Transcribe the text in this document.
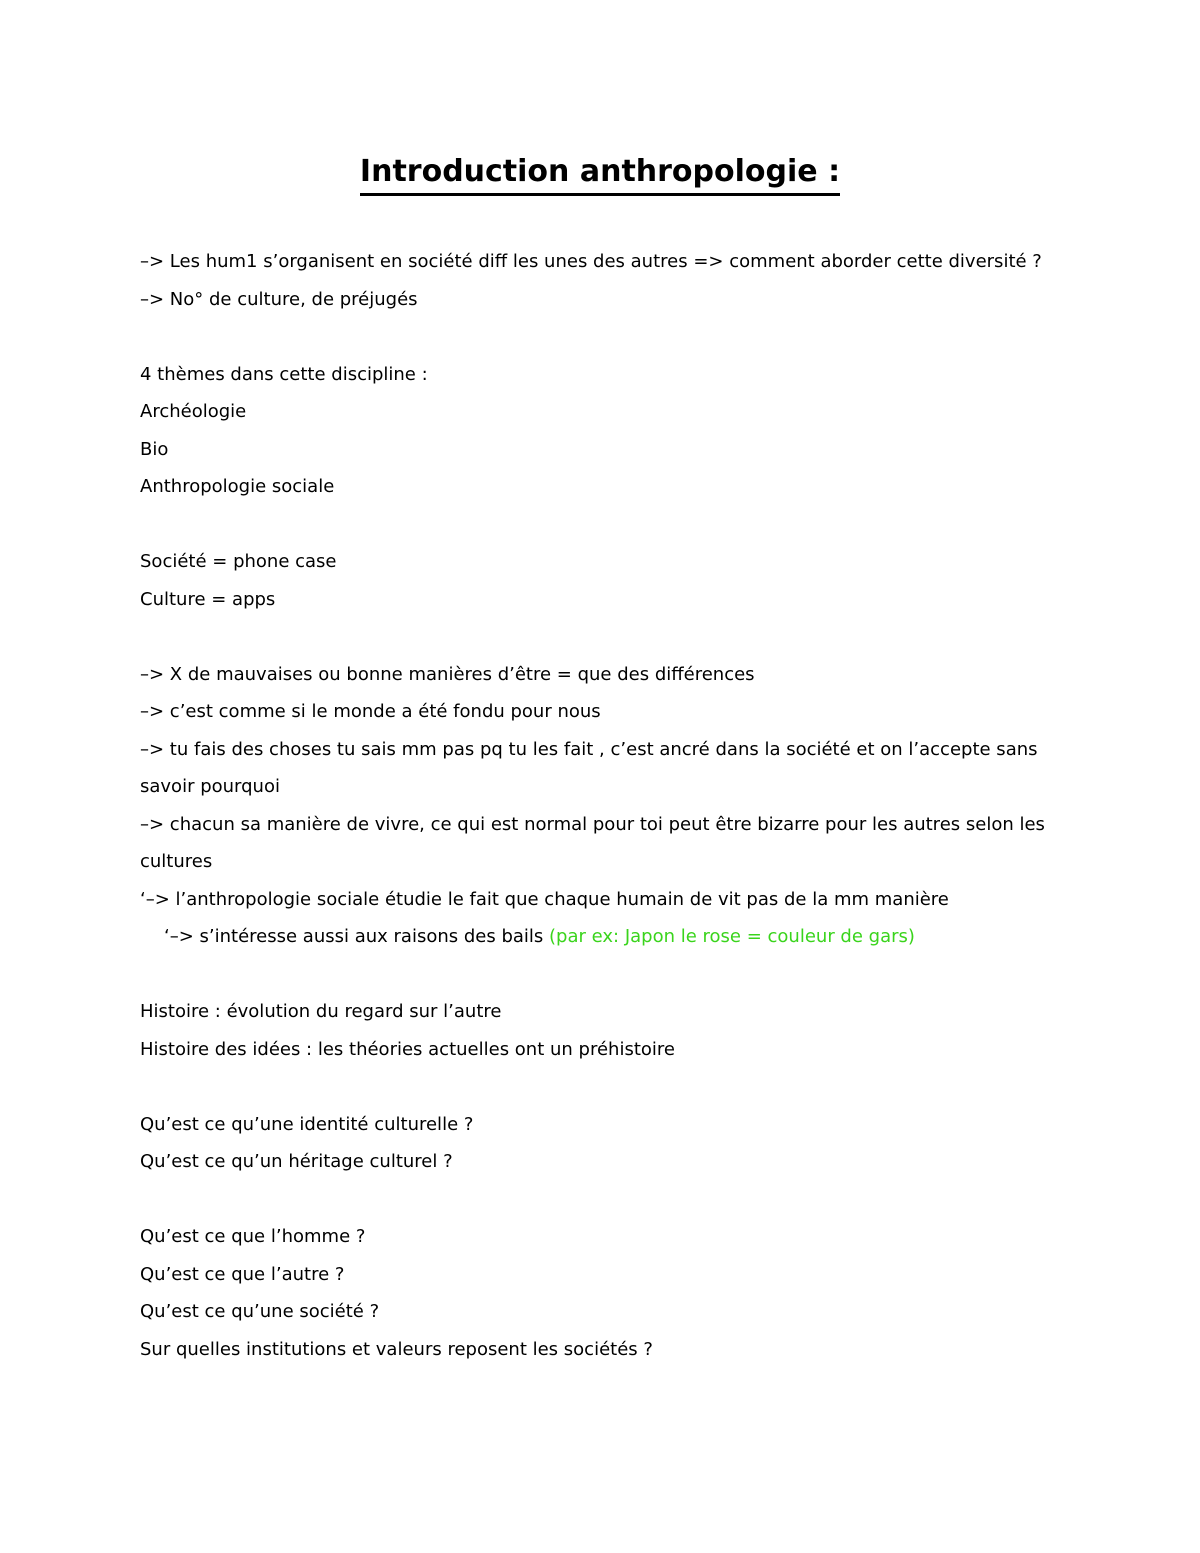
Introduction anthropologie :
–> Les hum1 s’organisent en société diff les unes des autres => comment aborder cette diversité ?
–> No° de culture, de préjugés
4 thèmes dans cette discipline :
Archéologie
Bio
Anthropologie sociale
Société = phone case
Culture = apps
–> X de mauvaises ou bonne manières d’être = que des différences
–> c’est comme si le monde a été fondu pour nous
–> tu fais des choses tu sais mm pas pq tu les fait , c’est ancré dans la société et on l’accepte sans
savoir pourquoi
–> chacun sa manière de vivre, ce qui est normal pour toi peut être bizarre pour les autres selon les
cultures
‘–> l’anthropologie sociale étudie le fait que chaque humain de vit pas de la mm manière
‘–> s’intéresse aussi aux raisons des bails (par ex: Japon le rose = couleur de gars)
Histoire : évolution du regard sur l’autre
Histoire des idées : les théories actuelles ont un préhistoire
Qu’est ce qu’une identité culturelle ?
Qu’est ce qu’un héritage culturel ?
Qu’est ce que l’homme ?
Qu’est ce que l’autre ?
Qu’est ce qu’une société ?
Sur quelles institutions et valeurs reposent les sociétés ?
